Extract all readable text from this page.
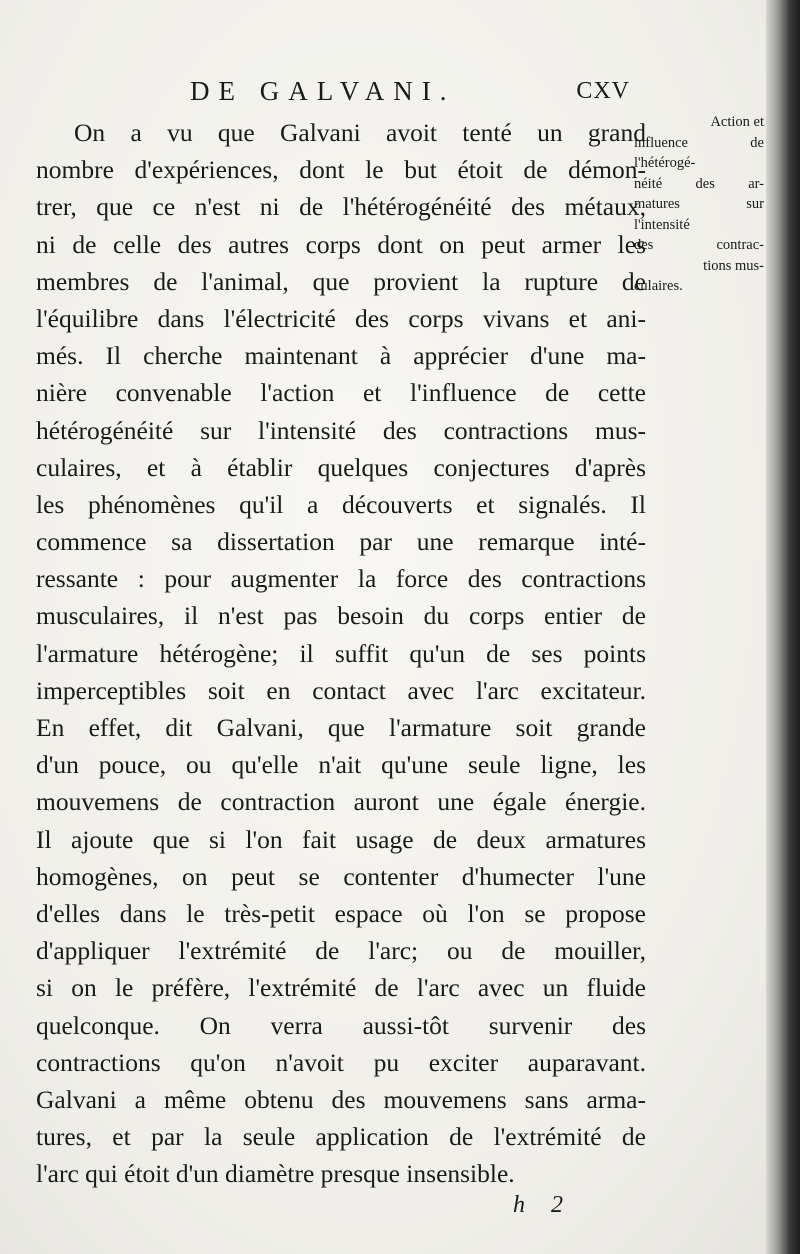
DE GALVANI.	CXV
On a vu que Galvani avoit tenté un grand
nombre d'expériences, dont le but étoit de démon-
trer, que ce n'est ni de l'hétérogénéité des métaux,
ni de celle des autres corps dont on peut armer les
membres de l'animal, que provient la rupture de
l'équilibre dans l'électricité des corps vivans et ani-
més. Il cherche maintenant à apprécier d'une ma-
nière convenable l'action et l'influence de cette
hétérogénéité sur l'intensité des contractions mus-
culaires, et à établir quelques conjectures d'après
les phénomènes qu'il a découverts et signalés. Il
commence sa dissertation par une remarque inté-
ressante : pour augmenter la force des contractions
musculaires, il n'est pas besoin du corps entier de
l'armature hétérogène; il suffit qu'un de ses points
imperceptibles soit en contact avec l'arc excitateur.
En effet, dit Galvani, que l'armature soit grande
d'un pouce, ou qu'elle n'ait qu'une seule ligne, les
mouvemens de contraction auront une égale énergie.
Il ajoute que si l'on fait usage de deux armatures
homogènes, on peut se contenter d'humecter l'une
d'elles dans le très-petit espace où l'on se propose
d'appliquer l'extrémité de l'arc; ou de mouiller,
si on le préfère, l'extrémité de l'arc avec un fluide
quelconque. On verra aussi-tôt survenir des
contractions qu'on n'avoit pu exciter auparavant.
Galvani a même obtenu des mouvemens sans arma-
tures, et par la seule application de l'extrémité de
l'arc qui étoit d'un diamètre presque insensible.
Action et
influence de
l'hétérogé-
néité des ar-
matures sur
l'intensité
des contrac-
tions mus-
culaires.
h 2
